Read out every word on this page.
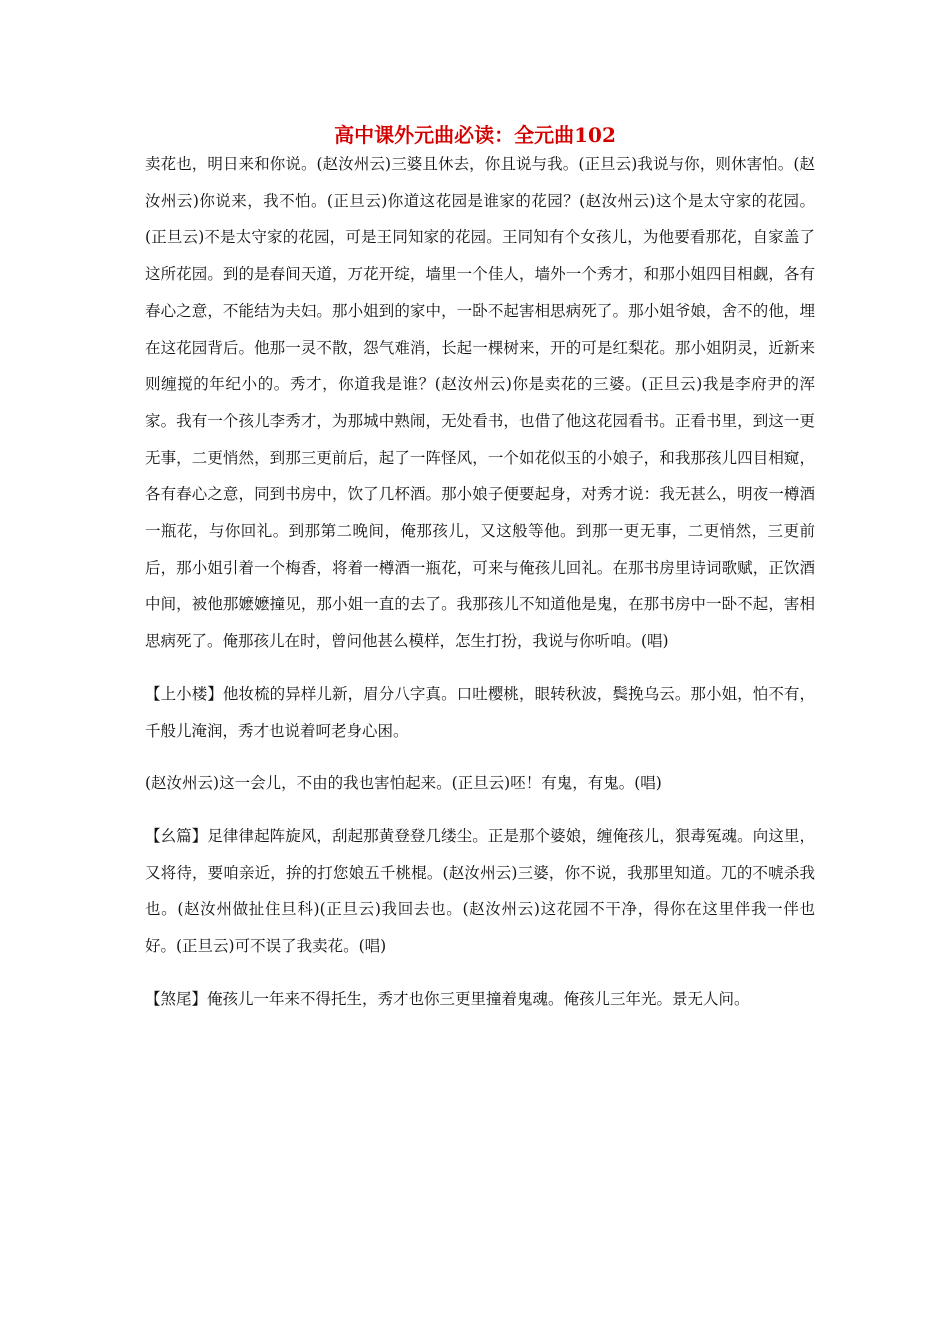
高中课外元曲必读：全元曲102

卖花也，明日来和你说。(赵汝州云)三婆且休去，你且说与我。(正旦云)我说与你，则休害怕。(赵汝州云)你说来，我不怕。(正旦云)你道这花园是谁家的花园？(赵汝州云)这个是太守家的花园。(正旦云)不是太守家的花园，可是王同知家的花园。王同知有个女孩儿，为他要看那花，自家盖了这所花园。到的是春间天道，万花开绽，墙里一个佳人，墙外一个秀才，和那小姐四目相觑，各有春心之意，不能结为夫妇。那小姐到的家中，一卧不起害相思病死了。那小姐爷娘，舍不的他，埋在这花园背后。他那一灵不散，怨气难消，长起一棵树来，开的可是红梨花。那小姐阴灵，近新来则缠搅的年纪小的。秀才，你道我是谁？(赵汝州云)你是卖花的三婆。(正旦云)我是李府尹的浑家。我有一个孩儿李秀才，为那城中熟闹，无处看书，也借了他这花园看书。正看书里，到这一更无事，二更悄然，到那三更前后，起了一阵怪风，一个如花似玉的小娘子，和我那孩儿四目相窥，各有春心之意，同到书房中，饮了几杯酒。那小娘子便要起身，对秀才说：我无甚么，明夜一樽酒一瓶花，与你回礼。到那第二晚间，俺那孩儿，又这般等他。到那一更无事，二更悄然，三更前后，那小姐引着一个梅香，将着一樽酒一瓶花，可来与俺孩儿回礼。在那书房里诗词歌赋，正饮酒中间，被他那嬷嬷撞见，那小姐一直的去了。我那孩儿不知道他是鬼，在那书房中一卧不起，害相思病死了。俺那孩儿在时，曾问他甚么模样，怎生打扮，我说与你听咱。(唱)

【上小楼】他妆梳的异样儿新，眉分八字真。口吐樱桃，眼转秋波，鬓挽乌云。那小姐，怕不有，千般儿淹润，秀才也说着呵老身心困。

(赵汝州云)这一会儿，不由的我也害怕起来。(正旦云)呸！有鬼，有鬼。(唱)

【幺篇】足律律起阵旋风，刮起那黄登登几缕尘。正是那个婆娘，缠俺孩儿，狠毒冤魂。向这里，又将待，要咱亲近，拚的打您娘五千桃棍。(赵汝州云)三婆，你不说，我那里知道。兀的不唬杀我也。(赵汝州做扯住旦科)(正旦云)我回去也。(赵汝州云)这花园不干净，得你在这里伴我一伴也好。(正旦云)可不误了我卖花。(唱)

【煞尾】俺孩儿一年来不得托生，秀才也你三更里撞着鬼魂。俺孩儿三年光。景无人问。
